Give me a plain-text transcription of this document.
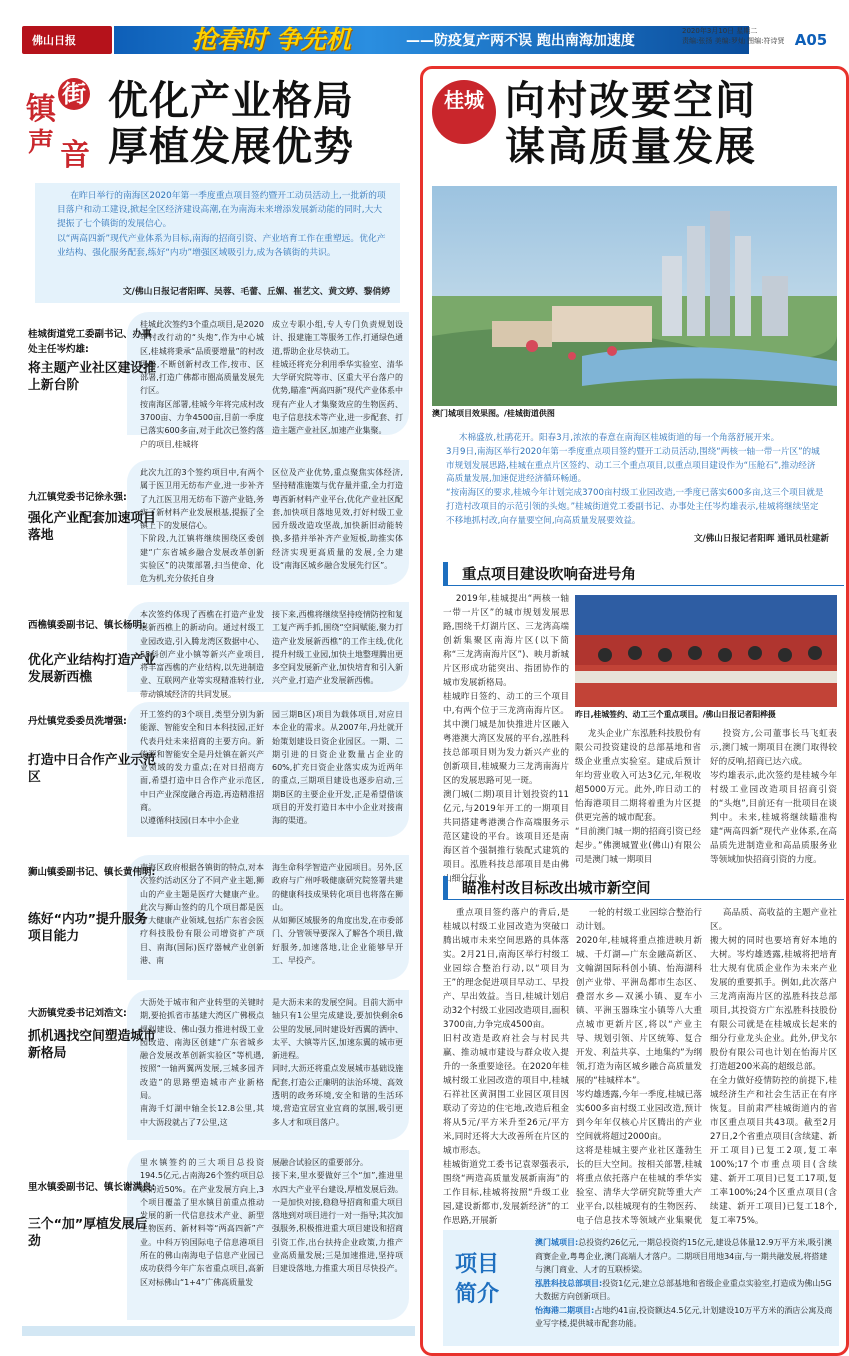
佛山日报	抢春时 争先机	——防疫复产两不误 跑出南海加速度
2020年3月10日 星期二
责编:张扬 美编:罗灿 图编:符诗贤 A05
镇 街
声 音
优化产业格局
厚植发展优势
在昨日举行的南海区2020年第一季度重点项目签约暨开工动员活动上,一批新的项目落户和动工建设,掀起全区经济建设高潮,在为南海未来增添发展新动能的同时,大大提振了七个镇街的发展信心。
以“两高四新”现代产业体系为目标,南海的招商引资、产业培育工作在重塑远。优化产业结构、强化服务配套,练好“内功”增强区域吸引力,成为各镇街的共识。
文/佛山日报记者阳晖、吴蓉、毛蕾、丘媚、崔艺文、黄文婷、黎俏婷
桂城街道党工委副书记、办事处主任岑灼雄:
将主题产业社区建设推上新台阶
桂城此次签约3个重点项目,是2020年村改行动的“头炮”,作为中心城区,桂城将秉承“品质要增量”的村改思路,不断创新村改工作,按市、区部署,打造广佛都市圈高质量发展先行区。
按南海区部署,桂城今年将完成村改3700亩、力争4500亩,目前一季度已落实600多亩,对于此次已签约落户的项目,桂城将
成立专职小组,专人专门负责规划设计、报建施工等服务工作,打通绿色通道,帮助企业尽快动工。
桂城还将充分利用季华实验室、清华大学研究院等市、区重大平台落户的优势,瞄准“两高四新”现代产业体系中现有产业人才集聚效应的生物医药、电子信息技术等产业,进一步配套、打造主题产业社区,加速产业集聚。
九江镇党委书记徐永强:
强化产业配套加速项目落地
此次九江的3个签约项目中,有两个属于医卫用无纺布产业,进一步补齐了九江医卫用无纺布下游产业链,务实了新材料产业发展根基,提振了全镇上下的发展信心。
下阶段,九江镇将继续围绕区委创建“广东省城乡融合发展改革创新实验区”的决策部署,扫当使命、化危为机,充分依托自身
区位及产业优势,重点聚焦实体经济,坚持精准施策与优存量并重,全力打造粤西新材料产业平台,优化产业社区配套,加快项目落地见效,打好村级工业园升级改造攻坚战,加快新旧动能转换,多措并举补齐产业短板,助推实体经济实现更高质量的发展,全力建设“南海区城乡融合发展先行区”。
西樵镇委副书记、镇长杨明:
优化产业结构打造产业发展新西樵
本次签约体现了西樵在打造产业发展新西樵上的新动向。通过村级工业园改造,引入腾龙湾区数据中心、58科创产业小镇等新兴产业项目,将丰富西樵的产业结构,以先进制造业、互联网产业等实现精准转行业,带动镇域经济的共同发展。
接下来,西樵将继续坚持疫情防控和复工复产两手抓,围绕“空间赋能,聚力打造产业发展新西樵”的工作主线,优化提升村级工业园,加快土地整理腾出更多空间发展新产业,加快培育和引入新兴产业,打造产业发展新西樵。
丹灶镇党委委员洗增强:
打造中日合作产业示范区
开工签约的3个项目,类型分别为新能源、智能安全和日本科技园,正好代表丹灶未来招商的主要方向。新能源和智能安全是丹灶镇在新兴产业领域的发力重点;在对日招商方面,希望打造中日合作产业示范区,中日产业深度融合再造,再造精准招商。
以遵循科技园(日本中小企业
园三期B区)项目为载体项目,对应日本企业的需求。从2007年,丹灶就开始策划建设日资企业园区。一期、二期引进的日资企业数量占企业的60%,扩充日资企业落实成为近两年的重点,三期项目建设也逐步启动,三期B区的主要企业开发,正是希望借该项目的开发打造日本中小企业对接南海的渠道。
狮山镇委副书记、镇长黄伟明:
练好“内功”提升服务项目能力
南海区政府根据各镇街的特点,对本次签约活动区分了不同产业主题,狮山的产业主题是医疗大健康产业。此次与狮山签约的几个项目都是医疗大健康产业领域,包括广东省会医疗科技股份有限公司增资扩产项目、南海(国际)医疗器械产业创新港、南
海生命科学智造产业园项目。另外,区政府与广州呼吸健康研究院签署共建的健康科技成果转化项目也将落在狮山。
从如狮区域服务的角度出发,在市委部门、分管领导要深入了解各个项目,做好服务,加速落地,让企业能够早开工、早投产。
大沥镇党委书记刘浩文:
抓机遇找空间塑造城市新格局
大沥处于城市和产业转型的关键时期,要抢抓省市基建大湾区广佛极点规划建设、佛山强力推进村级工业园改造、南海区创建“广东省城乡融合发展改革创新实验区”等机遇,按照“一轴两翼两发展,三城多园齐改造”的思路塑造城市产业新格局。
南海千灯湖中轴全长12.8公里,其中大沥段就占了7公里,这
是大沥未来的发展空间。目前大沥中轴只有1公里完成建设,要加快剩余6公里的发展,同时建设好西翼的洒中、太平、大镇等片区,加速东翼的城市更新进程。
同时,大沥还将重点发展城市基础设施配套,打造公正廉明的法治环境、高效透明的政务环境,安全和谐的生活环境,营造宜居宜业宜商的氛围,吸引更多人才和项目落户。
里水镇委副书记、镇长谢满良:
三个“加”厚植发展后劲
里水镇签约的三大项目总投资194.5亿元,占南海26个签约项目总额的近50%。在产业发展方向上,3个项目覆盖了里水镇目前重点推动发展的新一代信息技术产业、新型生物医药、新材料等“两高四新”产业。中科万钧国际电子信息港项目所在的佛山南海电子信息产业园已成功获得今年广东省重点项目,高新区对标佛山“1+4”广佛高质量发
展融合试验区的重要部分。
接下来,里水要做好三个“加”,推进里水四大产业平台建设,厚植发展后劲。一是加快对接,稳稳导招商和重大项目落地到对项目进行一对一指导;其次加强服务,积极推进重大项目建设和招商引资工作,出台扶持企业政策,力推产业高质量发展;三是加速推进,坚持项目建设落地,力推重大项目尽快投产。
桂城 向村改要空间
谋高质量发展
澳门城项目效果图。/桂城街道供图
木棉盛放,杜鹃花开。阳春3月,浓浓的春意在南海区桂城街道的每一个角落舒展开来。
3月9日,南海区举行2020年第一季度重点项目签约暨开工动员活动,围绕“两核一轴一带一片区”的城市规划发展思路,桂城在重点片区签约、动工三个重点项目,以重点项目建设作为“压舱石”,推动经济高质量发展,加速促进经济循环畅通。
“按南海区的要求,桂城今年计划完成3700亩村级工业园改造,一季度已落实600多亩,这三个项目就是打造村改项目的示范引领的头炮。”桂城街道党工委副书记、办事处主任岑灼雄表示,桂城将继续坚定不移地抓村改,向存量要空间,向高质量发展要效益。
文/佛山日报记者阳晖 通讯员杜建新
重点项目建设吹响奋进号角
2019年,桂城提出“两核一轴一带一片区”的城市规划发展思路,围绕千灯湖片区、三龙湾高端创新集聚区南海片区(以下简称“三龙湾南海片区”)、映月新城片区形成功能突出、指团协作的城市发展新格局。
桂城昨日签约、动工的三个项目中,有两个位于三龙湾南海片区。其中澳门城是加快推进片区融入粤港澳大湾区发展的平台,泓胜科技总部项目则为发力新兴产业的创新项目,桂城聚力三龙湾南海片区的发展思路可见一斑。
澳门城(二期)项目计划投资约11亿元,与2019年开工的一期项目共同搭建粤港澳合作高端服务示范区建设的平台。该项目还是南海区首个强制推行装配式建筑的项目。泓胜科技总部项目是由佛山细分行业
昨日,桂城签约、动工三个重点项目。/佛山日报记者阳桦摄
龙头企业广东泓胜科技股份有限公司投资建设的总部基地和省级企业重点实验室。建成后预计年均营业收入可达3亿元,年税收超5000万元。此外,昨日动工的怡海港项目二期将着重为片区提供更完善的城市配套。
“目前澳门城一期的招商引资已经起步。”佛澳城置业(佛山)有限公司是澳门城一期项目
投资方,公司董事长马飞虹表示,澳门城一期项目在澳门取得较好的反响,招商已达六成。
岑灼雄表示,此次签约是桂城今年村级工业园改造项目招商引资的“头炮”,目前还有一批项目在谈判中。未来,桂城将继续瞄准构建“两高四新”现代产业体系,在高品质先进制造业和高品质服务业等领域加快招商引资的力度。
瞄准村改目标改出城市新空间
重点项目签约落户的背后,是桂城以村级工业园改造为突破口腾出城市未来空间思路的具体落实。2月21日,南海区举行村级工业园综合整治行动,以“项目为王”的理念促进项目早动工、早投产、早出效益。当日,桂城计划启动32个村级工业园改造项目,面积3700亩,力争完成4500亩。
旧村改造是政府社会与村民共赢、推动城市建设与群众收入提升的一条重要途径。在2020年桂城村级工业园改造的项目中,桂城石祥社区黄洞围工业园区项目因联动了旁边的住宅地,改造后租金将从5元/平方米升至26元/平方米,同时还将大大改善所在片区的城市形态。
桂城街道党工委书记袁翠强表示,围绕“两造高质量发展新南海”的工作目标,桂城将按照“升级工业园,建设新都市,发展新经济”的工作思路,开展新
一轮的村级工业园综合整治行动计划。
2020年,桂城将重点推进映月新城、千灯湖—广东金融高新区、文翰湖国际科创小镇、怡海湖科创产业带、平洲岛都市生态区、叠滘水乡—双溪小镇、夏车小镇、平洲玉器珠宝小镇等八大重点城市更新片区,将以“产业主导、规划引领、片区统筹、复合开发、利益共享、土地集约”为纲领,打造为南区城乡融合高质量发展的“桂城样本”。
岑灼雄透露,今年一季度,桂城已落实600多亩村级工业园改造,预计到今年年仅核心片区腾出的产业空间就将超过2000亩。
这将是桂城主要产业社区蓬勃生长的巨大空间。按相关部署,桂城将重点依托落户在桂城的季华实验室、清华大学研究院等重大产业平台,以桂城现有的生物医药、电子信息技术等领域产业集聚优
高品质、高收益的主题产业社区。
搬大树的同时也要培育好本地的大树。岑灼雄透露,桂城将把培育壮大规有优质企业作为未来产业发展的重要抓手。例如,此次落户三龙湾南海片区的泓胜科技总部项目,其投资方广东泓胜科技股份有限公司就是在桂城成长起来的细分行业龙头企业。此外,伊戈尔股份有限公司也计划在怡海片区打造超200米高的超级总部。
在全力做好疫情防控的前提下,桂城经济生产和社会生活正在有序恢复。目前肃严桂城街道内的省市区重点项目共43项。截至2月27日,2个省重点项目(含续建、新开工项目)已复工2项,复工率100%;17个市重点项目(含续建、新开工项目)已复工17项,复工率100%;24个区重点项目(含续建、新开工项目)已复工18个,复工率75%。
项目简介
澳门城项目:总投资约26亿元,一期总投资约15亿元,建设总体量12.9万平方米,吸引澳商赛企业,粤粤企业,澳门高端人才落户。二期项目用地34亩,与一期共融发展,将搭建与澳门商业、人才的互联桥梁。
泓胜科技总部项目:投资1亿元,建立总部基地和省级企业重点实验室,打造成为佛山5G大数据方向创新项目。
怡海港二期项目:占地约41亩,投资额达4.5亿元,计划建设10万平方米的酒店公寓及商业写字楼,提供城市配套功能。
